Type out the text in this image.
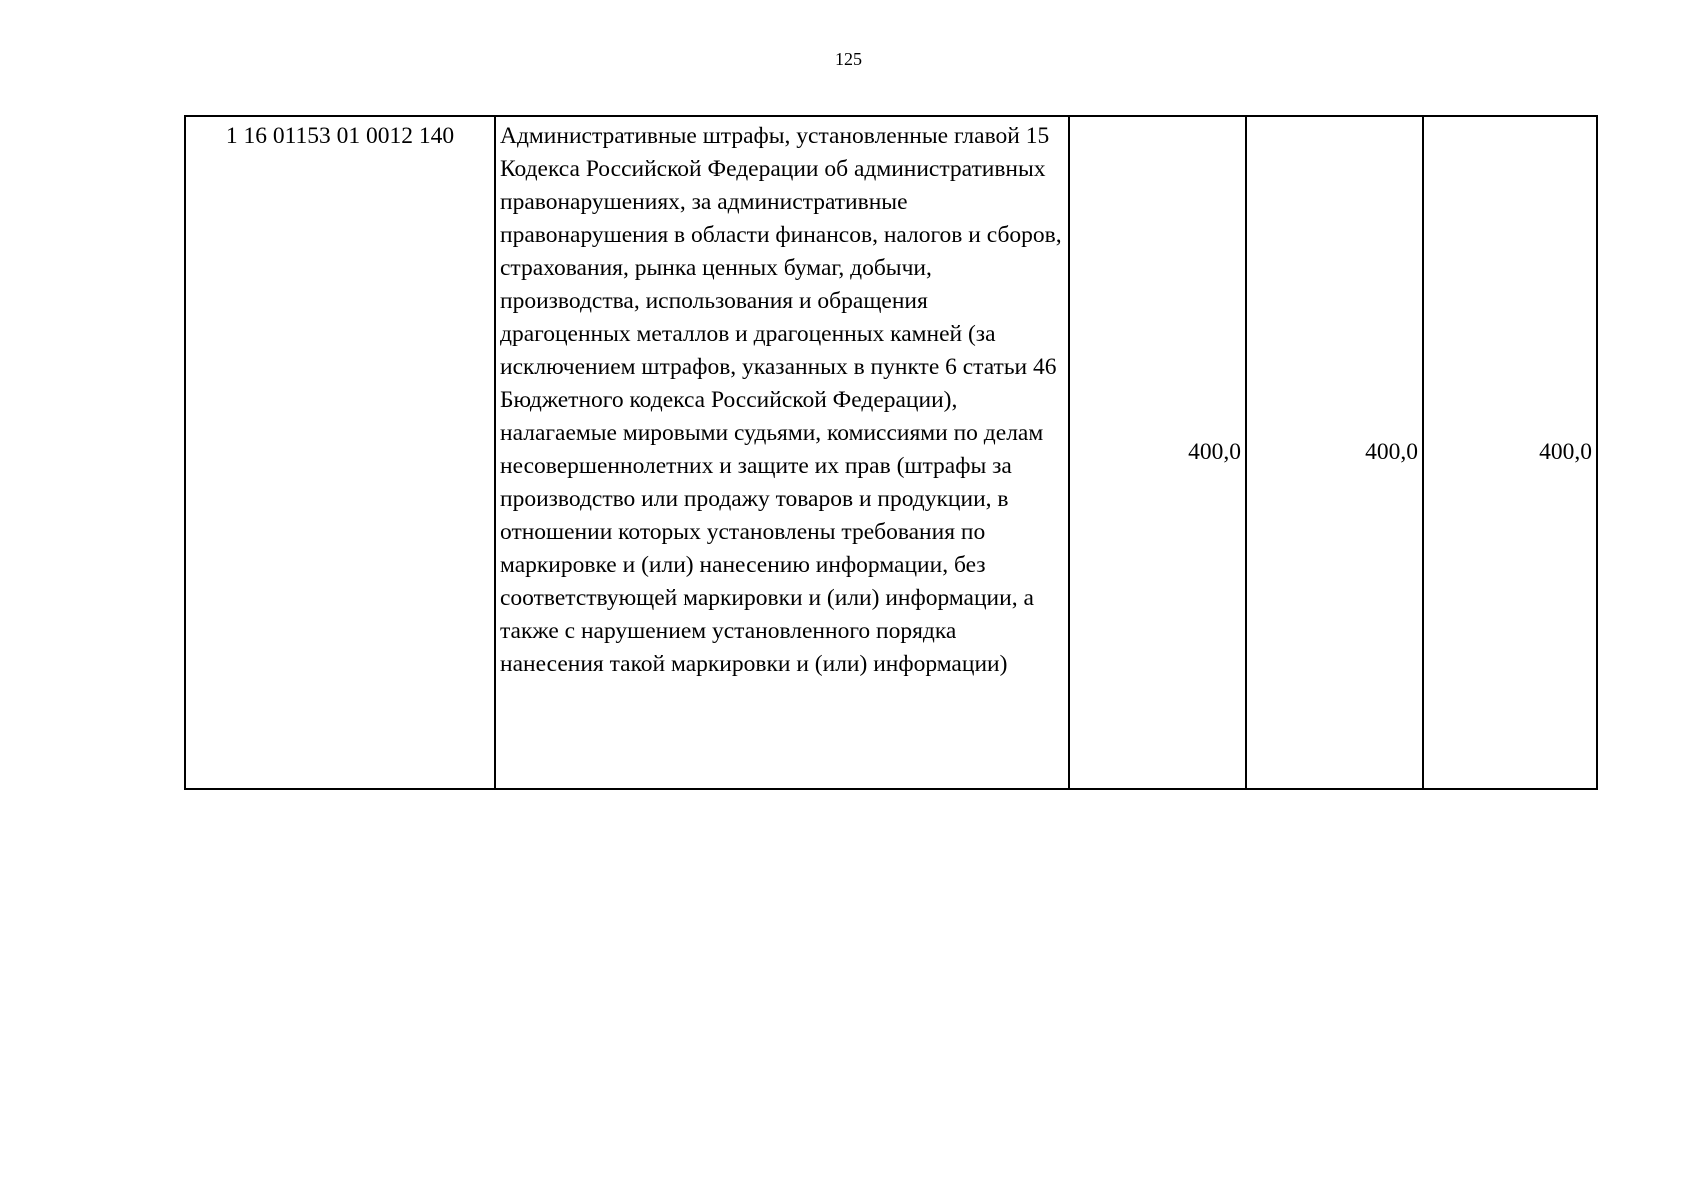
125
1 16 01153 01 0012 140	Административные штрафы, установленные главой 15 Кодекса Российской Федерации об административных правонарушениях, за административные правонарушения в области финансов, налогов и сборов, страхования, рынка ценных бумаг, добычи, производства, использования и обращения драгоценных металлов и драгоценных камней (за исключением штрафов, указанных в пункте 6 статьи 46 Бюджетного кодекса Российской Федерации), налагаемые мировыми судьями, комиссиями по делам несовершеннолетних и защите их прав (штрафы за производство или продажу товаров и продукции, в отношении которых установлены требования по маркировке и (или) нанесению информации, без соответствующей маркировки и (или) информации, а также с нарушением установленного порядка нанесения такой маркировки и (или) информации)	400,0	400,0	400,0
